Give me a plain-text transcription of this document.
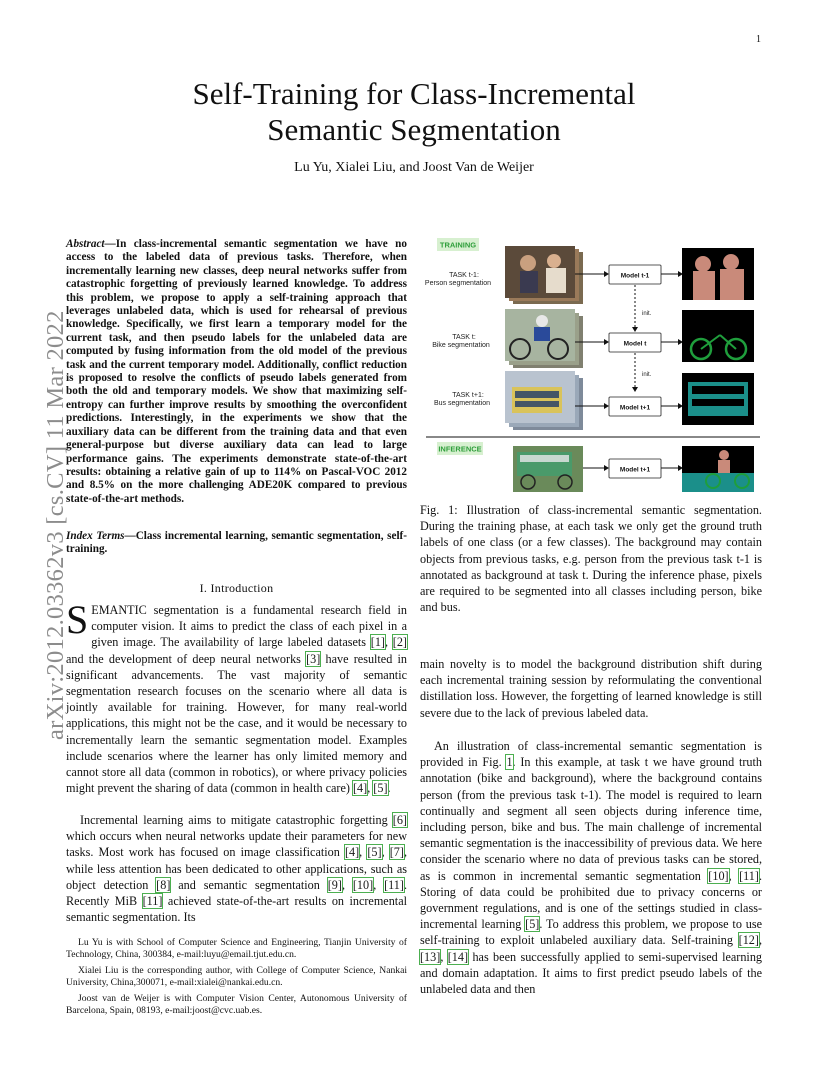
1
Self-Training for Class-Incremental
Semantic Segmentation
Lu Yu, Xialei Liu, and Joost Van de Weijer
arXiv:2012.03362v3 [cs.CV] 11 Mar 2022
Abstract—In class-incremental semantic segmentation we have no access to the labeled data of previous tasks. Therefore, when incrementally learning new classes, deep neural networks suffer from catastrophic forgetting of previously learned knowledge. To address this problem, we propose to apply a self-training approach that leverages unlabeled data, which is used for rehearsal of previous knowledge. Specifically, we first learn a temporary model for the current task, and then pseudo labels for the unlabeled data are computed by fusing information from the old model of the previous task and the current temporary model. Additionally, conflict reduction is proposed to resolve the conflicts of pseudo labels generated from both the old and temporary models. We show that maximizing self-entropy can further improve results by smoothing the overconfident predictions. Interestingly, in the experiments we show that the auxiliary data can be different from the training data and that even general-purpose but diverse auxiliary data can lead to large performance gains. The experiments demonstrate state-of-the-art results: obtaining a relative gain of up to 114% on Pascal-VOC 2012 and 8.5% on the more challenging ADE20K compared to previous state-of-the-art methods.
Index Terms—Class incremental learning, semantic segmentation, self-training.
I. Introduction
SEMANTIC segmentation is a fundamental research field in computer vision. It aims to predict the class of each pixel in a given image. The availability of large labeled datasets [1], [2] and the development of deep neural networks [3] have resulted in significant advancements. The vast majority of semantic segmentation research focuses on the scenario where all data is jointly available for training. However, for many real-world applications, this might not be the case, and it would be necessary to incrementally learn the semantic segmentation model. Examples include scenarios where the learner has only limited memory and cannot store all data (common in robotics), or where privacy policies might prevent the sharing of data (common in health care) [4], [5].
Incremental learning aims to mitigate catastrophic forgetting [6] which occurs when neural networks update their parameters for new tasks. Most work has focused on image classification [4], [5], [7], while less attention has been dedicated to other applications, such as object detection [8] and semantic segmentation [9], [10], [11]. Recently MiB [11] achieved state-of-the-art results on incremental semantic segmentation. Its

Lu Yu is with School of Computer Science and Engineering, Tianjin University of Technology, China, 300384, e-mail:luyu@email.tjut.edu.cn.

Xialei Liu is the corresponding author, with College of Computer Science, Nankai University, China,300071, e-mail:xialei@nankai.edu.cn.

Joost van de Weijer is with Computer Vision Center, Autonomous University of Barcelona, Spain, 08193, e-mail:joost@cvc.uab.es.

TRAINING
TASK t-1:
Person segmentation
Model t-1
init.
TASK t:
Bike segmentation	Model t
init.
TASK t+1:
Bus segmentation
Model t+1
INFERENCE
Model t+1
Fig. 1: Illustration of class-incremental semantic segmentation. During the training phase, at each task we only get the ground truth labels of one class (or a few classes). The background may contain objects from previous tasks, e.g. person from the previous task t-1 is annotated as background at task t. During the inference phase, pixels are required to be segmented into all classes including person, bike and bus.
main novelty is to model the background distribution shift during each incremental training session by reformulating the conventional distillation loss. However, the forgetting of learned knowledge is still severe due to the lack of previous labeled data.
An illustration of class-incremental semantic segmentation is provided in Fig. 1. In this example, at task t we have ground truth annotation (bike and background), where the background contains person (from the previous task t-1). The model is required to learn continually and segment all seen objects during inference time, including person, bike and bus. The main challenge of incremental semantic segmentation is the inaccessibility of previous data. We here consider the scenario where no data of previous tasks can be stored, as is common in incremental semantic segmentation [10], [11]. Storing of data could be prohibited due to privacy concerns or government regulations, and is one of the settings studied in class-incremental learning [5]. To address this problem, we propose to use self-training to exploit unlabeled auxiliary data. Self-training [12], [13], [14] has been successfully applied to semi-supervised learning and domain adaptation. It aims to first predict pseudo labels of the unlabeled data and then
